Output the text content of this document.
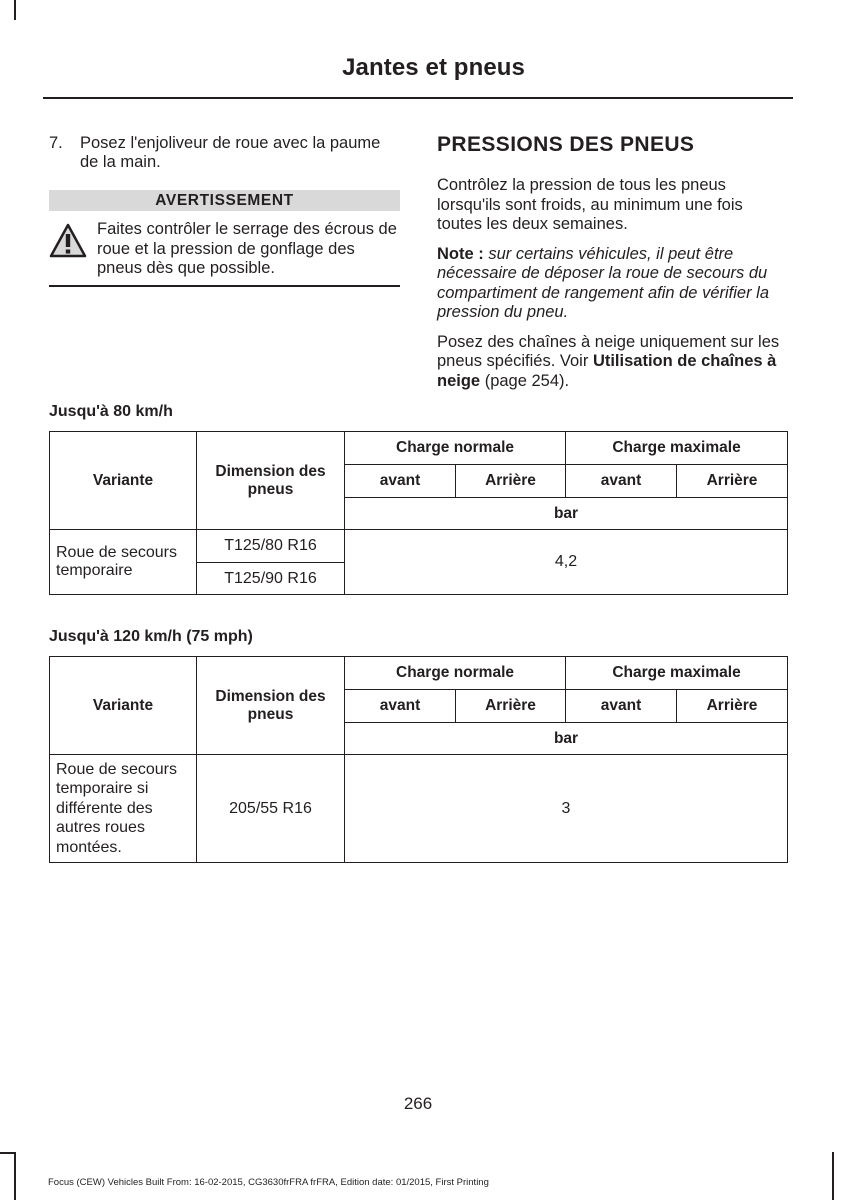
Jantes et pneus
7.	Posez l'enjoliveur de roue avec la paume de la main.
AVERTISSEMENT
Faites contrôler le serrage des écrous de roue et la pression de gonflage des pneus dès que possible.
PRESSIONS DES PNEUS
Contrôlez la pression de tous les pneus lorsqu'ils sont froids, au minimum une fois toutes les deux semaines.
Note : sur certains véhicules, il peut être nécessaire de déposer la roue de secours du compartiment de rangement afin de vérifier la pression du pneu.
Posez des chaînes à neige uniquement sur les pneus spécifiés. Voir Utilisation de chaînes à neige (page 254).
Jusqu'à 80 km/h
Variante	Dimension des pneus	Charge normale		Charge maximale	
		avant	Arrière	avant	Arrière
		bar			
Roue de secours temporaire	T125/80 R16	4,2			
	T125/90 R16				
Jusqu'à 120 km/h (75 mph)
Variante	Dimension des pneus	Charge normale		Charge maximale	
		avant	Arrière	avant	Arrière
		bar			
Roue de secours temporaire si différente des autres roues montées.	205/55 R16	3			
266
Focus (CEW) Vehicles Built From: 16-02-2015, CG3630frFRA frFRA, Edition date: 01/2015, First Printing
